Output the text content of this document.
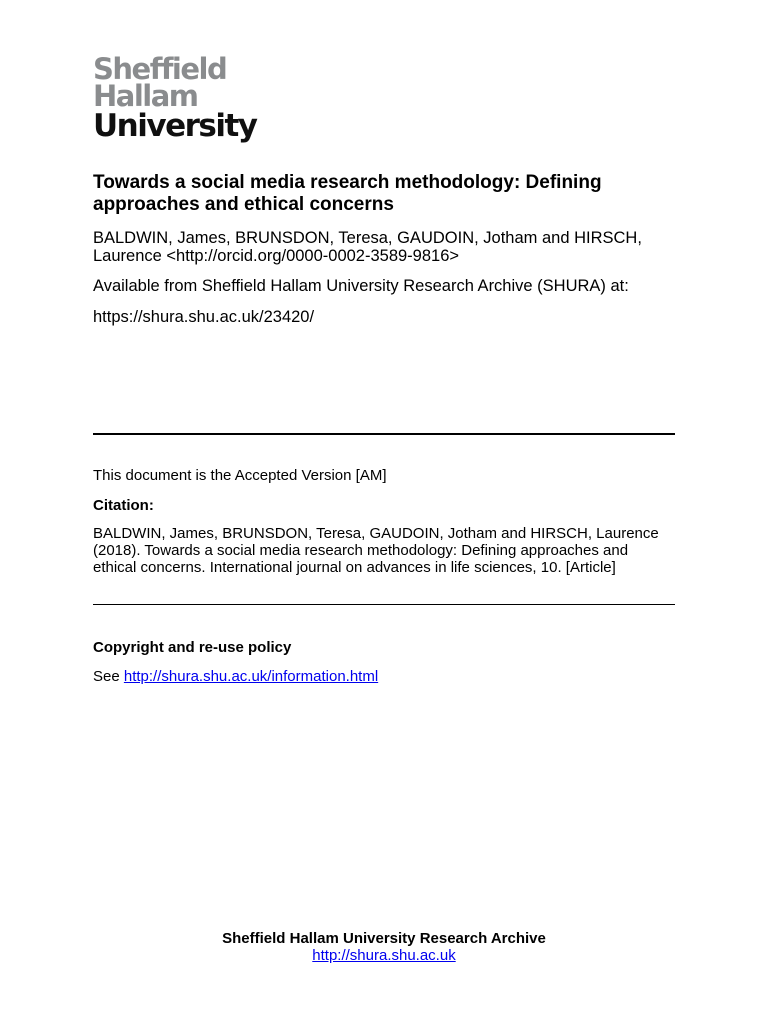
Sheffield
Hallam
University
Towards a social media research methodology: Defining approaches and ethical concerns

BALDWIN, James, BRUNSDON, Teresa, GAUDOIN, Jotham and HIRSCH, Laurence <http://orcid.org/0000-0002-3589-9816>

Available from Sheffield Hallam University Research Archive (SHURA) at:

https://shura.shu.ac.uk/23420/

This document is the Accepted Version [AM]

Citation:

BALDWIN, James, BRUNSDON, Teresa, GAUDOIN, Jotham and HIRSCH, Laurence (2018). Towards a social media research methodology: Defining approaches and ethical concerns. International journal on advances in life sciences, 10. [Article]

Copyright and re-use policy

See http://shura.shu.ac.uk/information.html

Sheffield Hallam University Research Archive
http://shura.shu.ac.uk
